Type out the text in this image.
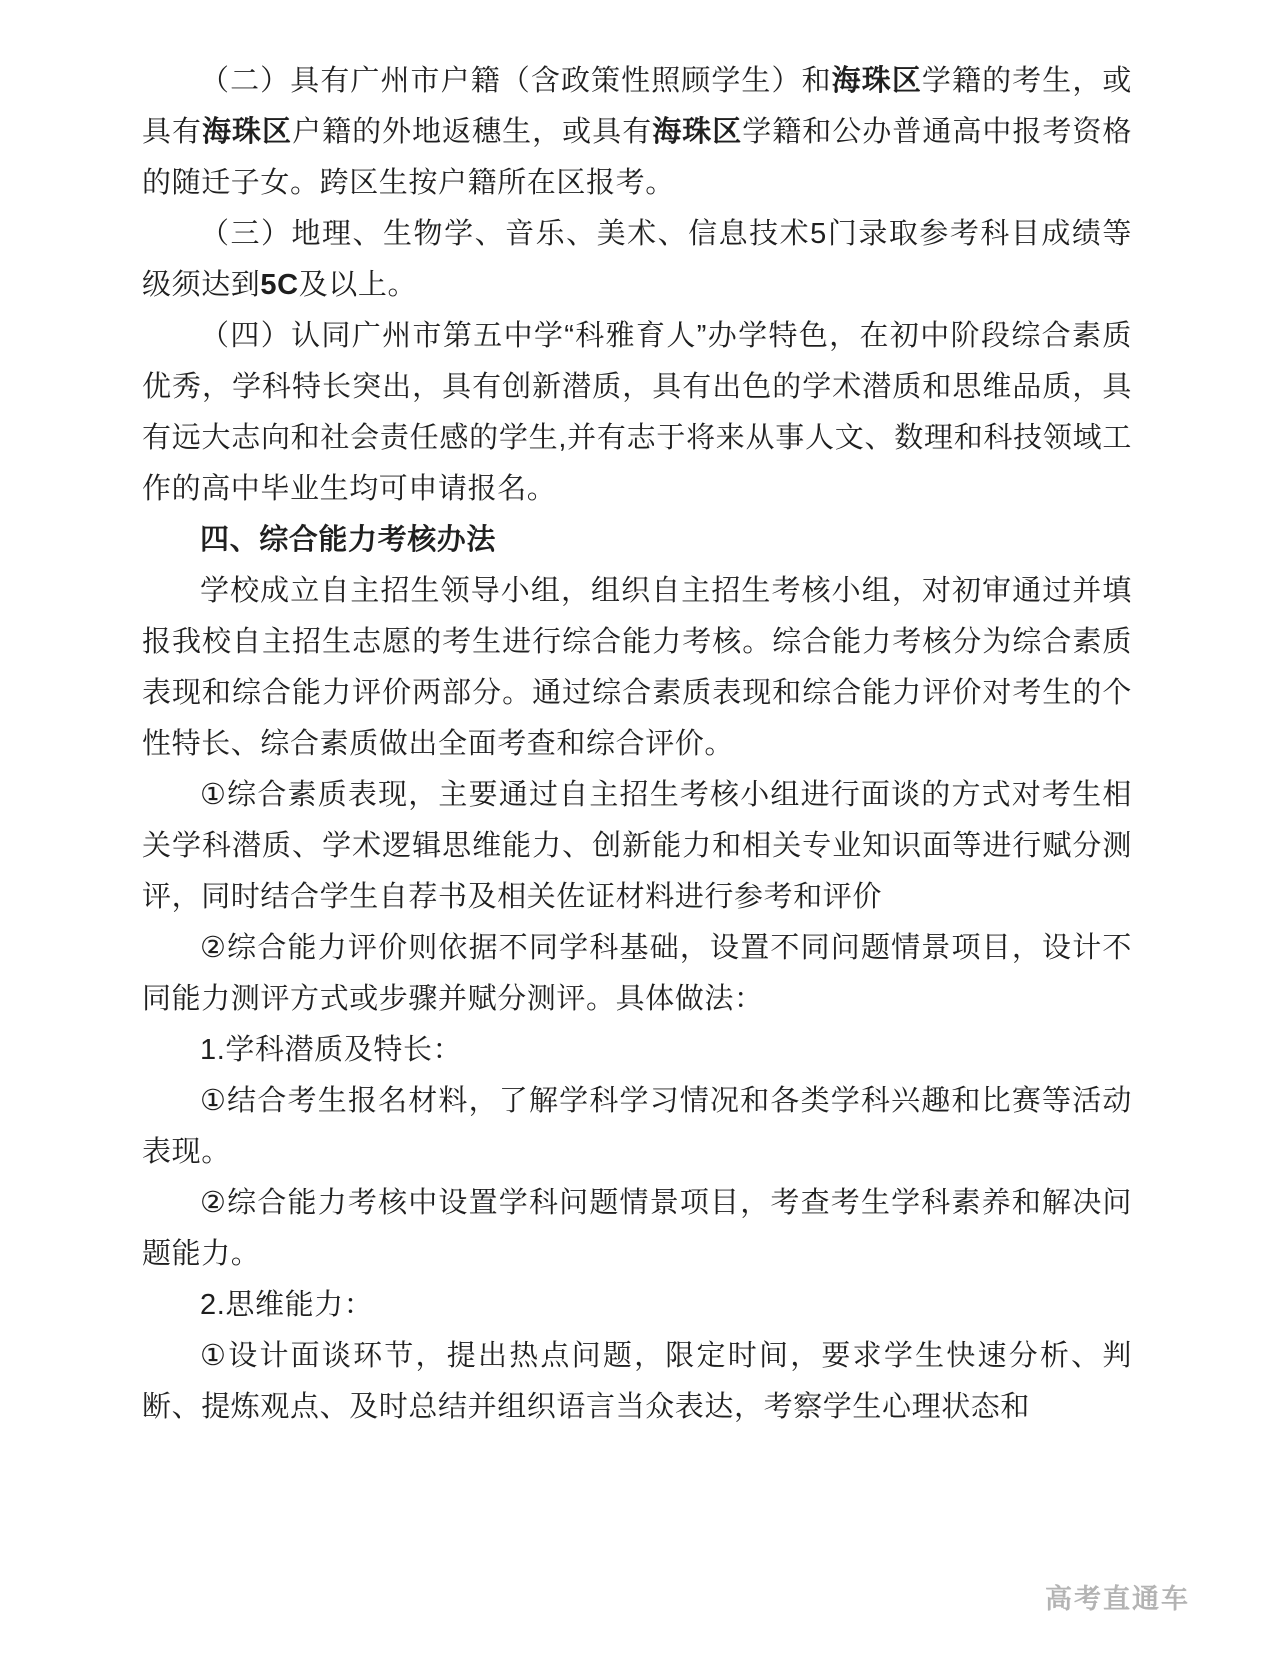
（二）具有广州市户籍（含政策性照顾学生）和海珠区学籍的考生，或具有海珠区户籍的外地返穗生，或具有海珠区学籍和公办普通高中报考资格的随迁子女。跨区生按户籍所在区报考。

（三）地理、生物学、音乐、美术、信息技术5门录取参考科目成绩等级须达到5C及以上。

（四）认同广州市第五中学“科雅育人”办学特色，在初中阶段综合素质优秀，学科特长突出，具有创新潜质，具有出色的学术潜质和思维品质，具有远大志向和社会责任感的学生,并有志于将来从事人文、数理和科技领域工作的高中毕业生均可申请报名。

四、综合能力考核办法

学校成立自主招生领导小组，组织自主招生考核小组，对初审通过并填报我校自主招生志愿的考生进行综合能力考核。综合能力考核分为综合素质表现和综合能力评价两部分。通过综合素质表现和综合能力评价对考生的个性特长、综合素质做出全面考查和综合评价。

①综合素质表现，主要通过自主招生考核小组进行面谈的方式对考生相关学科潜质、学术逻辑思维能力、创新能力和相关专业知识面等进行赋分测评，同时结合学生自荐书及相关佐证材料进行参考和评价

②综合能力评价则依据不同学科基础，设置不同问题情景项目，设计不同能力测评方式或步骤并赋分测评。具体做法：

1.学科潜质及特长：

①结合考生报名材料，了解学科学习情况和各类学科兴趣和比赛等活动表现。

②综合能力考核中设置学科问题情景项目，考查考生学科素养和解决问题能力。

2.思维能力：

①设计面谈环节，提出热点问题，限定时间，要求学生快速分析、判断、提炼观点、及时总结并组织语言当众表达，考察学生心理状态和

高考直通车
